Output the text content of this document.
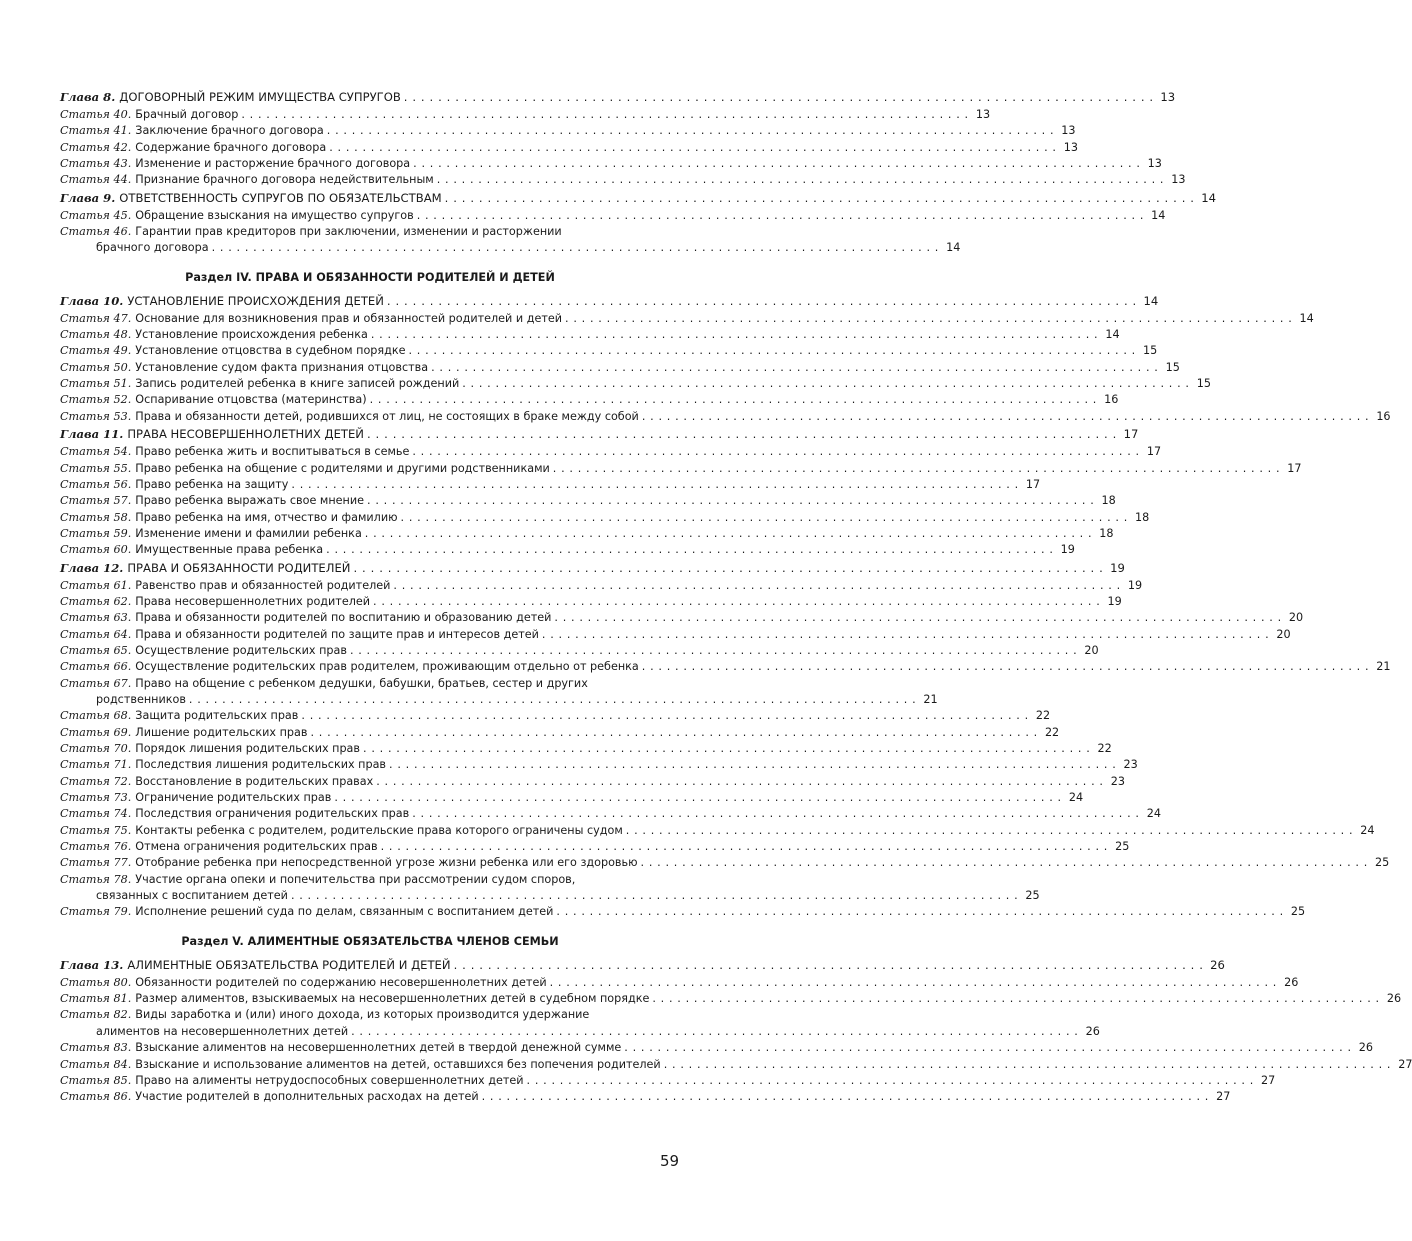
Глава 8. ДОГОВОРНЫЙ РЕЖИМ ИМУЩЕСТВА СУПРУГОВ . . .	13
Статья 40. Брачный договор . . .	13
Статья 41. Заключение брачного договора . . .	13
Статья 42. Содержание брачного договора . . .	13
Статья 43. Изменение и расторжение брачного договора . . .	13
Статья 44. Признание брачного договора недействительным . . .	13
Глава 9. ОТВЕТСТВЕННОСТЬ СУПРУГОВ ПО ОБЯЗАТЕЛЬСТВАМ . . .	14
Статья 45. Обращение взыскания на имущество супругов . . .	14
Статья 46. Гарантии прав кредиторов при заключении, изменении и расторжении
брачного договора . . .	14
Раздел IV. ПРАВА И ОБЯЗАННОСТИ РОДИТЕЛЕЙ И ДЕТЕЙ
Глава 10. УСТАНОВЛЕНИЕ ПРОИСХОЖДЕНИЯ ДЕТЕЙ . . .	14
Статья 47. Основание для возникновения прав и обязанностей родителей и детей . . .	14
Статья 48. Установление происхождения ребенка . . .	14
Статья 49. Установление отцовства в судебном порядке . . .	15
Статья 50. Установление судом факта признания отцовства . . .	15
Статья 51. Запись родителей ребенка в книге записей рождений . . .	15
Статья 52. Оспаривание отцовства (материнства) . . .	16
Статья 53. Права и обязанности детей, родившихся от лиц, не состоящих в браке между собой . . .	16
Глава 11. ПРАВА НЕСОВЕРШЕННОЛЕТНИХ ДЕТЕЙ . . .	17
Статья 54. Право ребенка жить и воспитываться в семье . . .	17
Статья 55. Право ребенка на общение с родителями и другими родственниками . . .	17
Статья 56. Право ребенка на защиту . . .	17
Статья 57. Право ребенка выражать свое мнение . . .	18
Статья 58. Право ребенка на имя, отчество и фамилию . . .	18
Статья 59. Изменение имени и фамилии ребенка . . .	18
Статья 60. Имущественные права ребенка . . .	19
Глава 12. ПРАВА И ОБЯЗАННОСТИ РОДИТЕЛЕЙ . . .	19
Статья 61. Равенство прав и обязанностей родителей . . .	19
Статья 62. Права несовершеннолетних родителей . . .	19
Статья 63. Права и обязанности родителей по воспитанию и образованию детей . . .	20
Статья 64. Права и обязанности родителей по защите прав и интересов детей . . .	20
Статья 65. Осуществление родительских прав . . .	20
Статья 66. Осуществление родительских прав родителем, проживающим отдельно от ребенка . . .	21
Статья 67. Право на общение с ребенком дедушки, бабушки, братьев, сестер и других
родственников . . .	21
Статья 68. Защита родительских прав . . .	22
Статья 69. Лишение родительских прав . . .	22
Статья 70. Порядок лишения родительских прав . . .	22
Статья 71. Последствия лишения родительских прав . . .	23
Статья 72. Восстановление в родительских правах . . .	23
Статья 73. Ограничение родительских прав . . .	24
Статья 74. Последствия ограничения родительских прав . . .	24
Статья 75. Контакты ребенка с родителем, родительские права которого ограничены судом . . .	24
Статья 76. Отмена ограничения родительских прав . . .	25
Статья 77. Отобрание ребенка при непосредственной угрозе жизни ребенка или его здоровью . . .	25
Статья 78. Участие органа опеки и попечительства при рассмотрении судом споров,
связанных с воспитанием детей . . .	25
Статья 79. Исполнение решений суда по делам, связанным с воспитанием детей . . .	25
Раздел V. АЛИМЕНТНЫЕ ОБЯЗАТЕЛЬСТВА ЧЛЕНОВ СЕМЬИ
Глава 13. АЛИМЕНТНЫЕ ОБЯЗАТЕЛЬСТВА РОДИТЕЛЕЙ И ДЕТЕЙ . . .	26
Статья 80. Обязанности родителей по содержанию несовершеннолетних детей . . .	26
Статья 81. Размер алиментов, взыскиваемых на несовершеннолетних детей в судебном порядке . . .	26
Статья 82. Виды заработка и (или) иного дохода, из которых производится удержание
алиментов на несовершеннолетних детей . . .	26
Статья 83. Взыскание алиментов на несовершеннолетних детей в твердой денежной сумме . . .	26
Статья 84. Взыскание и использование алиментов на детей, оставшихся без попечения родителей . . .	27
Статья 85. Право на алименты нетрудоспособных совершеннолетних детей . . .	27
Статья 86. Участие родителей в дополнительных расходах на детей . . .	27
59
